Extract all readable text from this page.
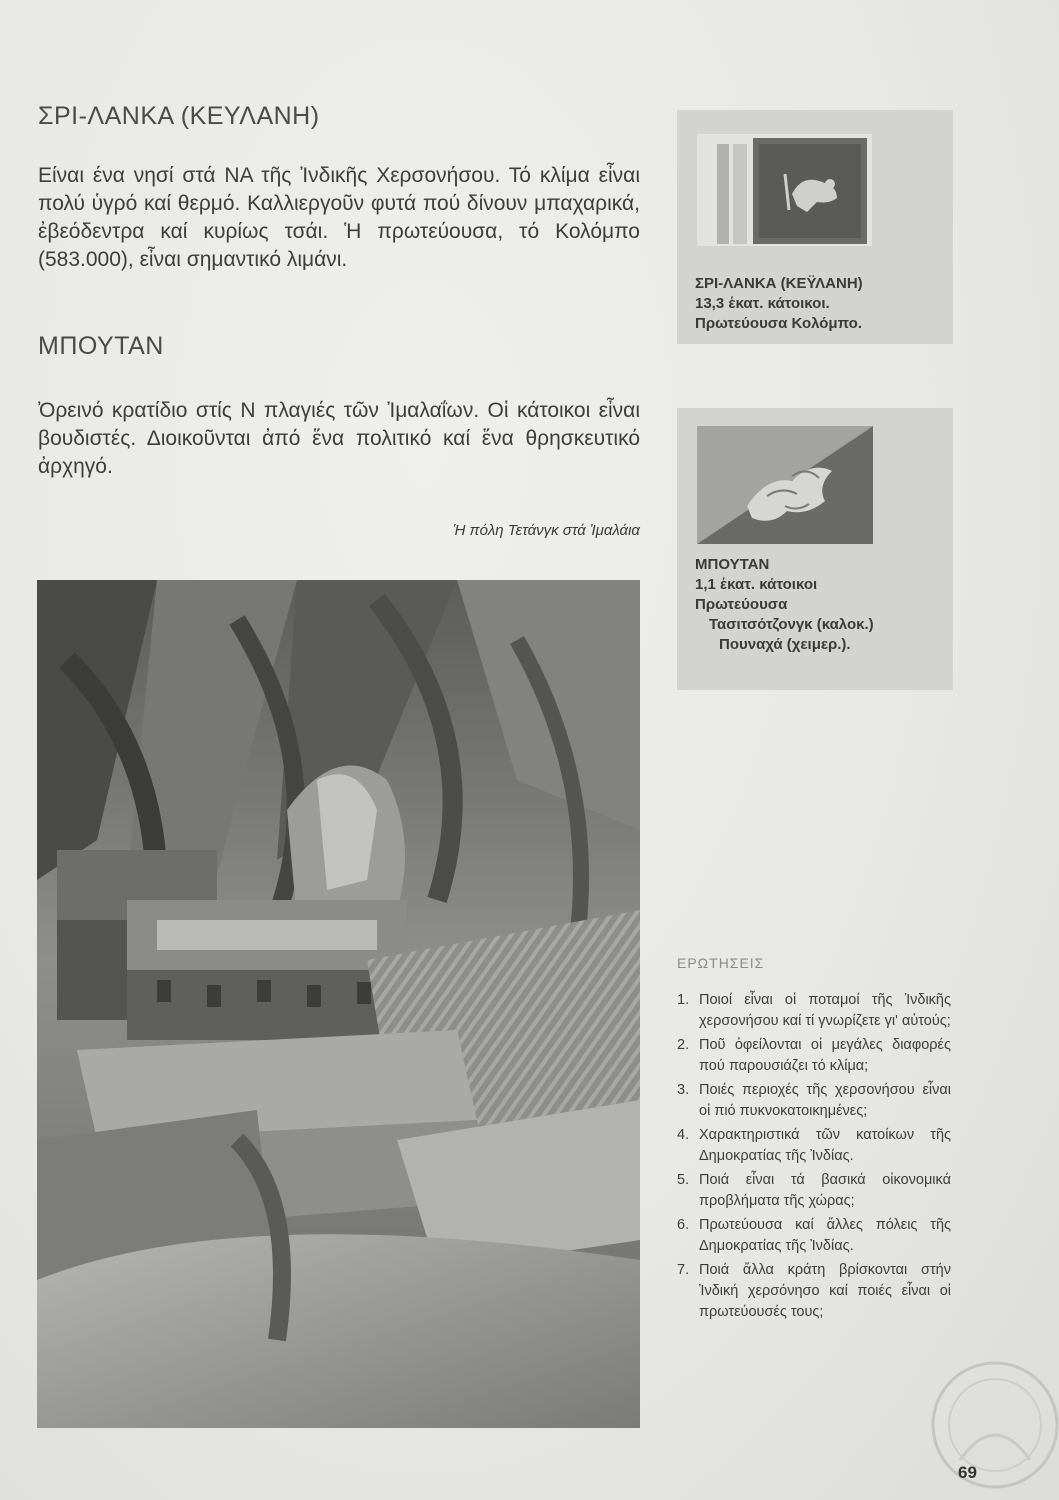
ΣΡΙ-ΛΑΝΚΑ (ΚΕΥΛΑΝΗ)

Είναι ένα νησί στά ΝΑ τῆς Ἰνδικῆς Χερσονήσου. Τό κλίμα εἶναι πολύ ὑγρό καί θερμό. Καλλιεργοῦν φυτά πού δίνουν μπαχαρικά, ἐβεόδεντρα καί κυρίως τσάι. Ἡ πρωτεύουσα, τό Κολόμπο (583.000), εἶναι σημαντικό λιμάνι.

ΜΠΟΥΤΑΝ

Ὀρεινό κρατίδιο στίς Ν πλαγιές τῶν Ἰμαλαΐων. Οἱ κάτοικοι εἶναι βουδιστές. Διοικοῦνται ἀπό ἕνα πολιτικό καί ἕνα θρησκευτικό ἀρχηγό.

Ἡ πόλη Τετάνγκ στά Ἰμαλάια
ΣΡΙ-ΛΑΝΚΑ (ΚΕΫΛΑΝΗ)
13,3 ἑκατ. κάτοικοι.
Πρωτεύουσα Κολόμπο.
ΜΠΟΥΤΑΝ
1,1 ἑκατ. κάτοικοι
Πρωτεύουσα
Τασιτσότζονγκ (καλοκ.)
Πουναχά (χειμερ.).
ΕΡΩΤΗΣΕΙΣ
1. Ποιοί εἶναι οἱ ποταμοί τῆς Ἰνδικῆς χερσονήσου καί τί γνωρίζετε γι' αὐτούς;
2. Ποῦ ὀφείλονται οἱ μεγάλες διαφορές πού παρουσιάζει τό κλίμα;
3. Ποιές περιοχές τῆς χερσονήσου εἶναι οἱ πιό πυκνοκατοικημένες;
4. Χαρακτηριστικά τῶν κατοίκων τῆς Δημοκρατίας τῆς Ἰνδίας.
5. Ποιά εἶναι τά βασικά οἰκονομικά προβλήματα τῆς χώρας;
6. Πρωτεύουσα καί ἄλλες πόλεις τῆς Δημοκρατίας τῆς Ἰνδίας.
7. Ποιά ἄλλα κράτη βρίσκονται στήν Ἰνδική χερσόνησο καί ποιές εἶναι οἱ πρωτεύουσές τους;
69
